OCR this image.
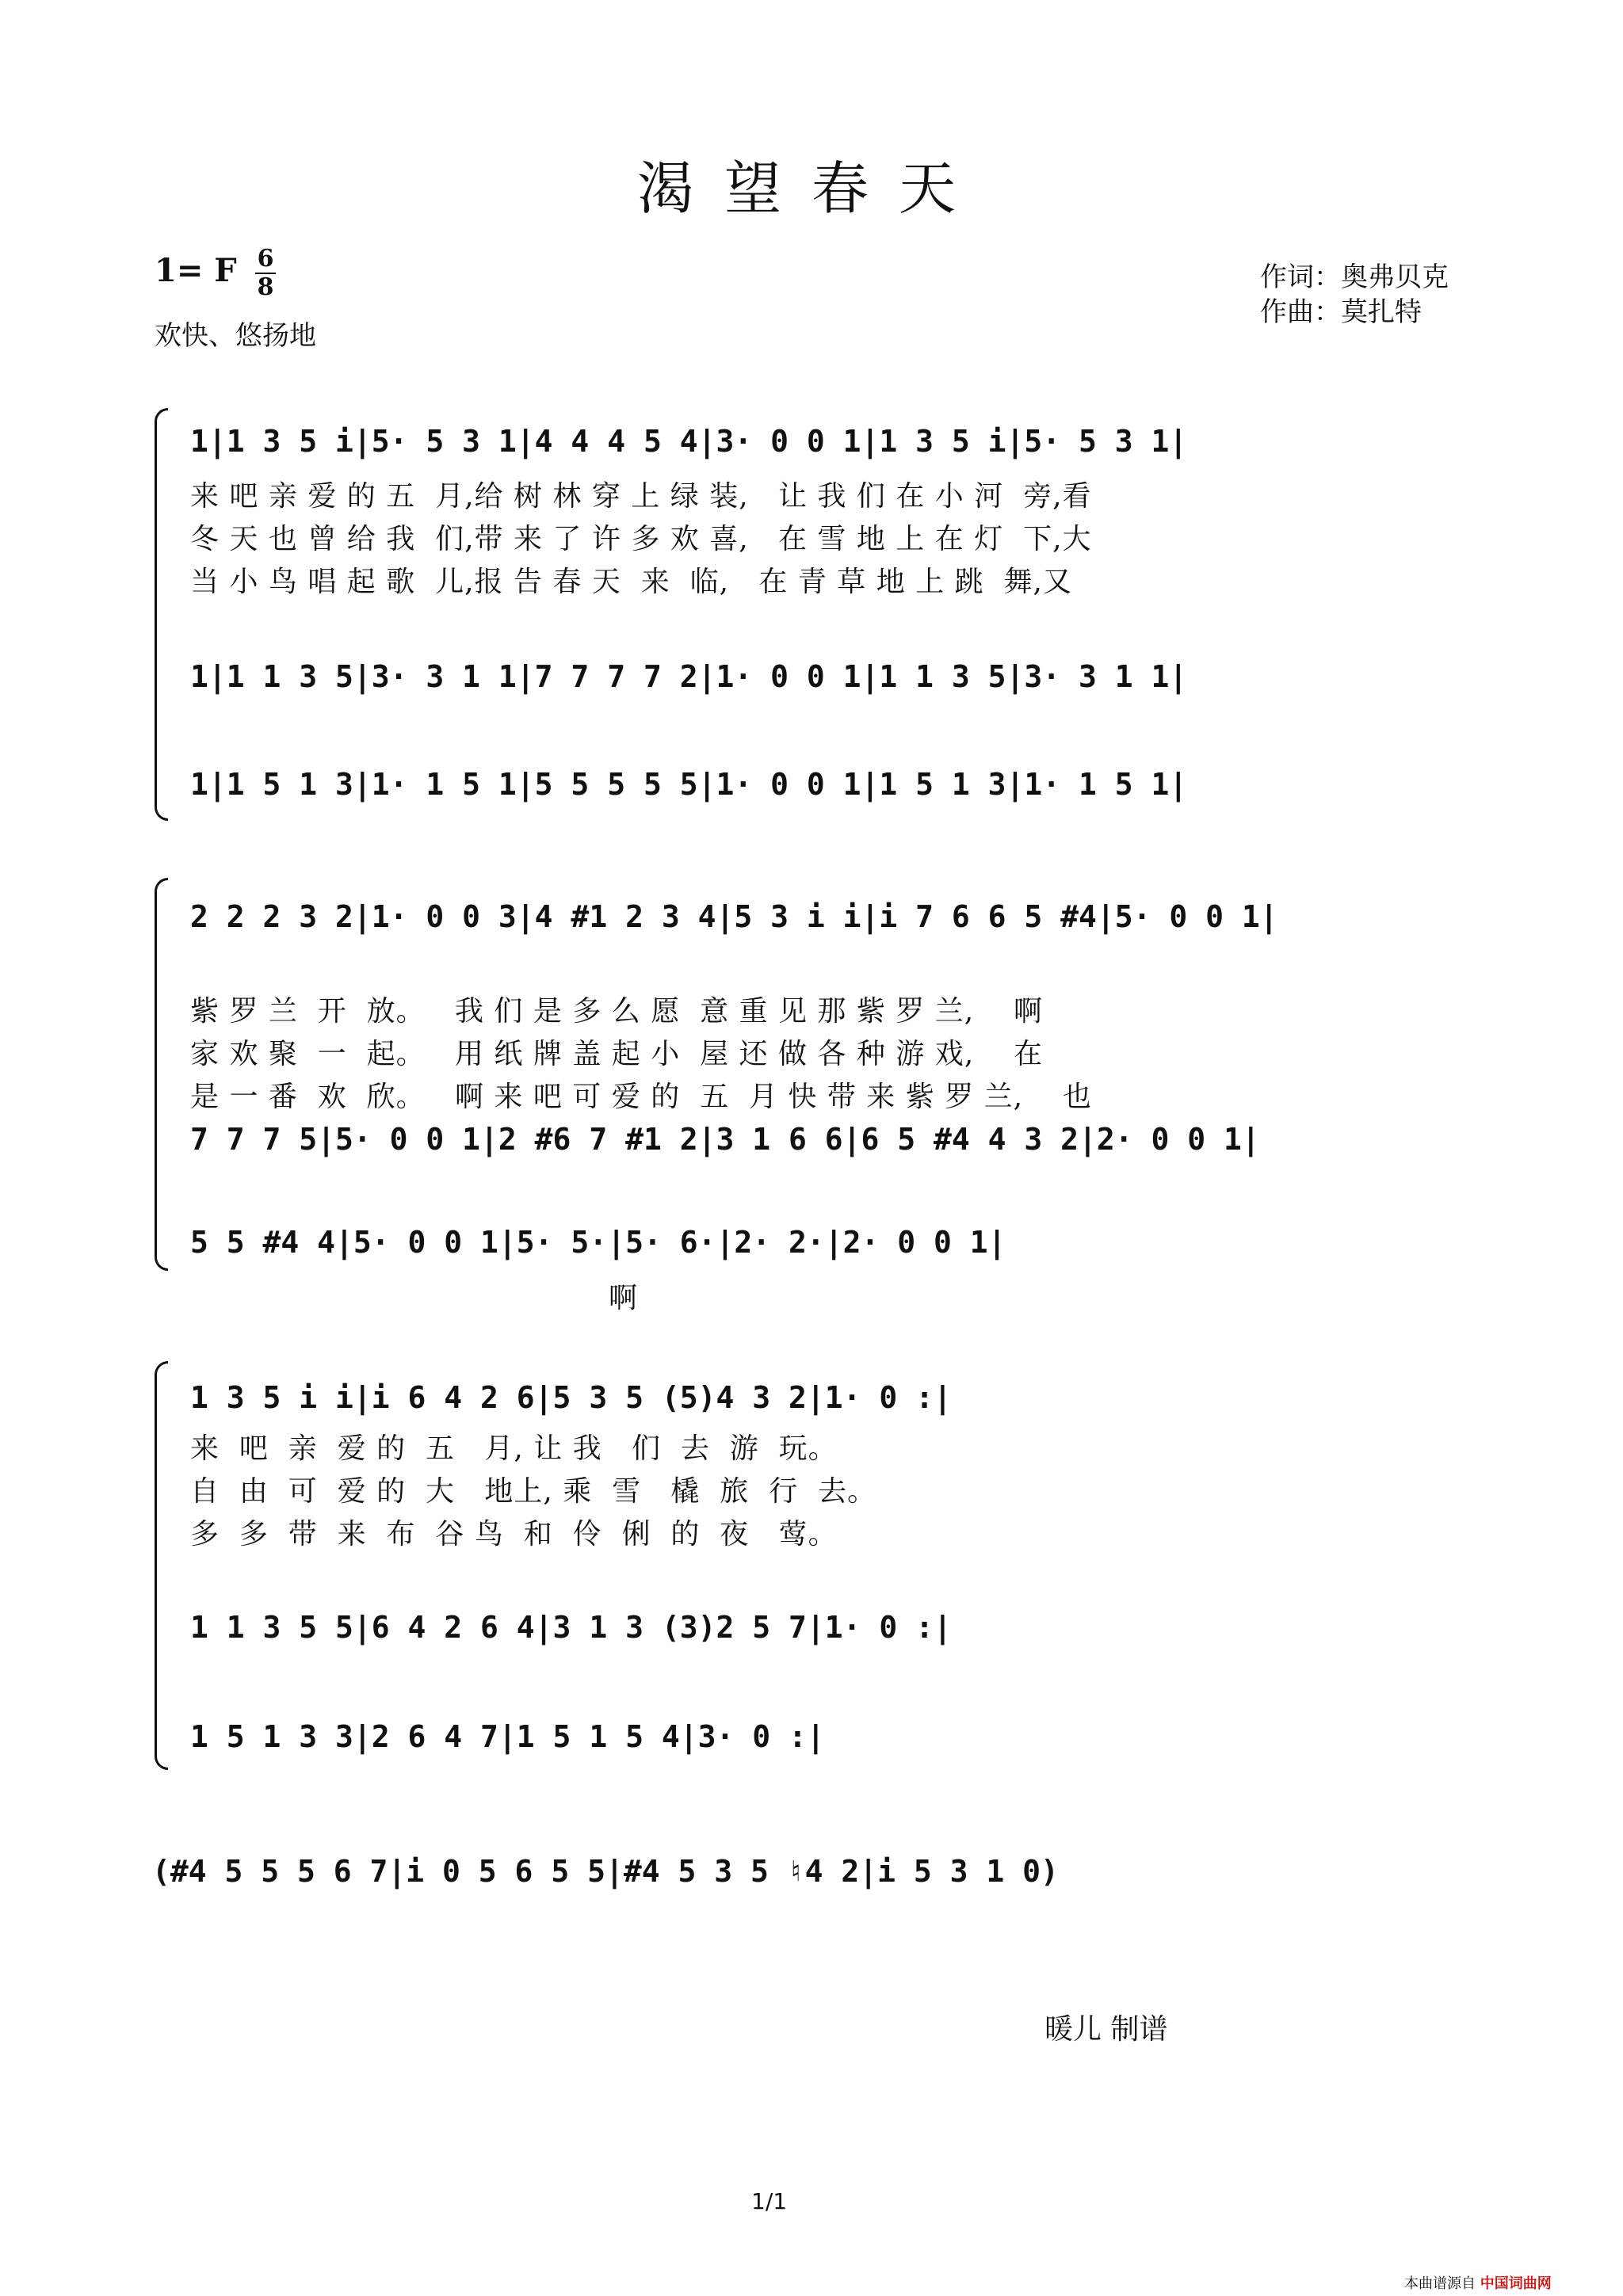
渴望春天
1= F 6
8
欢快、悠扬地
作词：奥弗贝克
作曲：莫扎特
1|1 3 5 i|5· 5 3 1|4 4 4 5 4|3· 0 0 1|1 3 5 i|5· 5 3 1|
来 吧 亲 爱 的 五  月,给 树 林 穿 上 绿 装,   让 我 们 在 小 河  旁,看
冬 天 也 曾 给 我  们,带 来 了 许 多 欢 喜,   在 雪 地 上 在 灯  下,大
当 小 鸟 唱 起 歌  儿,报 告 春 天  来  临,   在 青 草 地 上 跳  舞,又
1|1 1 3 5|3· 3 1 1|7 7 7 7 2|1· 0 0 1|1 1 3 5|3· 3 1 1|
1|1 5 1 3|1· 1 5 1|5 5 5 5 5|1· 0 0 1|1 5 1 3|1· 1 5 1|
2 2 2 3 2|1· 0 0 3|4 #1 2 3 4|5 3 i i|i 7 6 6 5 #4|5· 0 0 1|
紫 罗 兰  开  放。   我 们 是 多 么 愿  意 重 见 那 紫 罗 兰,    啊
家 欢 聚  一  起。   用 纸 牌 盖 起 小  屋 还 做 各 种 游 戏,    在
是 一 番  欢  欣。   啊 来 吧 可 爱 的  五  月 快 带 来 紫 罗 兰,    也
7 7 7 5|5· 0 0 1|2 #6 7 #1 2|3 1 6 6|6 5 #4 4 3 2|2· 0 0 1|
5 5 #4 4|5· 0 0 1|5· 5·|5· 6·|2· 2·|2· 0 0 1|
啊
1 3 5 i i|i 6 4 2 6|5 3 5 (5)4 3 2|1· 0 :|
来  吧  亲  爱 的  五   月, 让 我   们  去  游  玩。
自  由  可  爱 的  大   地上, 乘  雪   橇  旅  行  去。
多  多  带  来  布  谷 鸟  和  伶  俐  的  夜   莺。
1 1 3 5 5|6 4 2 6 4|3 1 3 (3)2 5 7|1· 0 :|
1 5 1 3 3|2 6 4 7|1 5 1 5 4|3· 0 :|
(#4 5 5 5 6 7|i 0 5 6 5 5|#4 5 3 5 ♮4 2|i 5 3 1 0)
暖儿 制谱
1/1
本曲谱源自 中国词曲网
